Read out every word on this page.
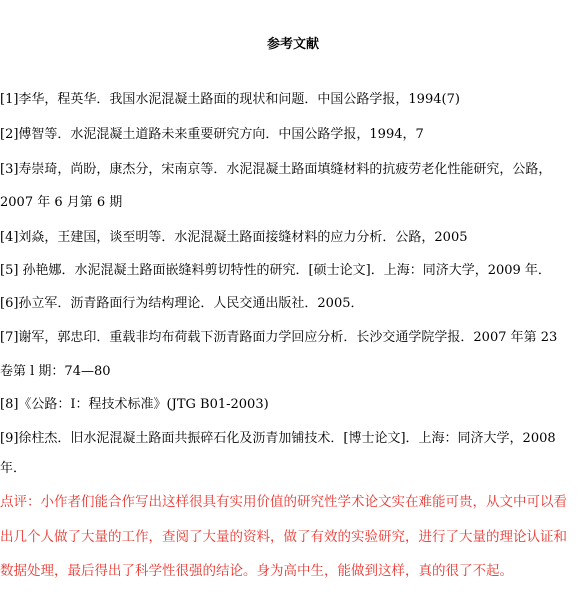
参考文献
[1]李华，程英华．我国水泥混凝土路面的现状和问题．中国公路学报，1994(7)
[2]傅智等．水泥混凝土道路未来重要研究方向．中国公路学报，1994，7
[3]寿崇琦，尚盼，康杰分，宋南京等．水泥混凝土路面填缝材料的抗疲劳老化性能研究，公路，
2007 年 6 月第 6 期
[4]刘焱，王建国，谈至明等．水泥混凝土路面接缝材料的应力分析．公路，2005
[5] 孙艳娜．水泥混凝土路面嵌缝料剪切特性的研究．[硕士论文]．上海：同济大学，2009 年．
[6]孙立军．沥青路面行为结构理论．人民交通出版社．2005．
[7]谢军，郭忠印．重载非均布荷载下沥青路面力学回应分析．长沙交通学院学报．2007 年第 23
卷第 l 期：74—80
[8]《公路：I：程技术标准》(JTG B01-2003)
[9]徐柱杰．旧水泥混凝土路面共振碎石化及沥青加铺技术．[博士论文]．上海：同济大学，2008
年．
点评：小作者们能合作写出这样很具有实用价值的研究性学术论文实在难能可贵，从文中可以看
出几个人做了大量的工作，查阅了大量的资料，做了有效的实验研究，进行了大量的理论认证和
数据处理，最后得出了科学性很强的结论。身为高中生，能做到这样，真的很了不起。
